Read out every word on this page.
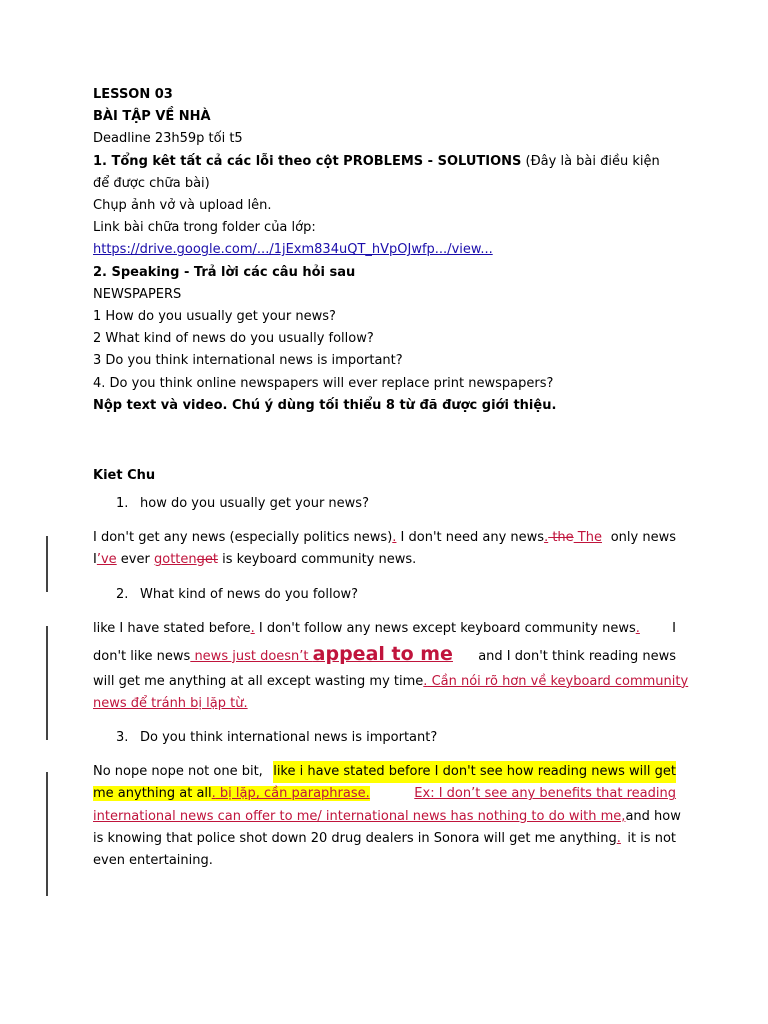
LESSON 03
BÀI TẬP VỀ NHÀ
Deadline 23h59p tối t5
1. Tổng kêt tất cả các lỗi theo cột PROBLEMS - SOLUTIONS (Đây là bài điều kiện
để được chữa bài)
Chụp ảnh vở và upload lên.
Link bài chữa trong folder của lớp:
https://drive.google.com/.../1jExm834uQT_hVpOJwfp.../view...
2. Speaking - Trả lời các câu hỏi sau
NEWSPAPERS
1 How do you usually get your news?
2 What kind of news do you usually follow?
3 Do you think international news is important?
4. Do you think online newspapers will ever replace print newspapers?
Nộp text và video. Chú ý dùng tối thiểu 8 từ đã được giới thiệu.
Kiet Chu
1. how do you usually get your news?
I don't get any news (especially politics news). I don't need any news. the The only news
I’ve ever gottenget is keyboard community news.
2. What kind of news do you follow?
like I have stated before. I don't follow any news except keyboard community news. I
don't like news news just doesn’t appeal to me and I don't think reading news
will get me anything at all except wasting my time . Cần nói rõ hơn về keyboard community
news để tránh bị lặp từ.
3. Do you think international news is important?
No nope nope not one bit, like i have stated before I don't see how reading news will get
me anything at all. bị lặp, cần paraphrase.	Ex: I don’t see any benefits that reading
international news can offer to me/ international news has nothing to do with me, and how
is knowing that police shot down 20 drug dealers in Sonora will get me anything. it is not
even entertaining.
